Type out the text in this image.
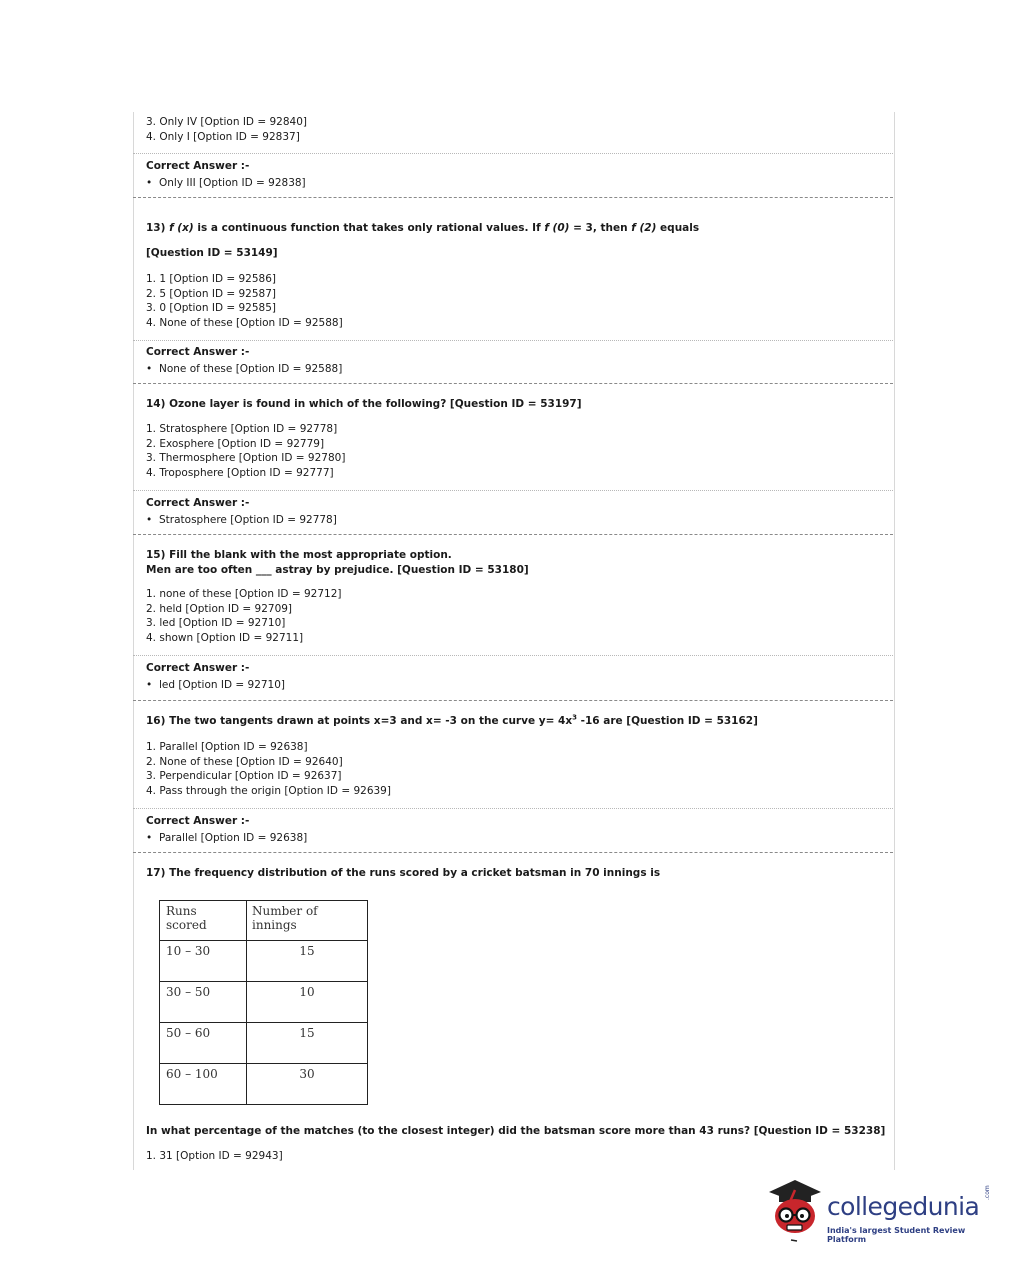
3. Only IV [Option ID = 92840]
4. Only I [Option ID = 92837]
Correct Answer :-
• Only III [Option ID = 92838]
13) f (x) is a continuous function that takes only rational values. If f (0) = 3, then f (2) equals
[Question ID = 53149]
1. 1 [Option ID = 92586]
2. 5 [Option ID = 92587]
3. 0 [Option ID = 92585]
4. None of these [Option ID = 92588]
Correct Answer :-
• None of these [Option ID = 92588]
14) Ozone layer is found in which of the following? [Question ID = 53197]
1. Stratosphere [Option ID = 92778]
2. Exosphere [Option ID = 92779]
3. Thermosphere [Option ID = 92780]
4. Troposphere [Option ID = 92777]
Correct Answer :-
• Stratosphere [Option ID = 92778]
15) Fill the blank with the most appropriate option.
Men are too often ___ astray by prejudice. [Question ID = 53180]
1. none of these [Option ID = 92712]
2. held [Option ID = 92709]
3. led [Option ID = 92710]
4. shown [Option ID = 92711]
Correct Answer :-
• led [Option ID = 92710]
16) The two tangents drawn at points x=3 and x= -3 on the curve $y= 4x^3$ -16 are [Question ID = 53162]
1. Parallel [Option ID = 92638]
2. None of these [Option ID = 92640]
3. Perpendicular [Option ID = 92637]
4. Pass through the origin [Option ID = 92639]
Correct Answer :-
• Parallel [Option ID = 92638]
17) The frequency distribution of the runs scored by a cricket batsman in 70 innings is
Runs scored	Number of innings
10 – 30	15
30 – 50	10
50 – 60	15
60 – 100	30
In what percentage of the matches (to the closest integer) did the batsman score more than 43 runs? [Question ID = 53238]
1. 31 [Option ID = 92943]
collegedunia .com
India's largest Student Review Platform
